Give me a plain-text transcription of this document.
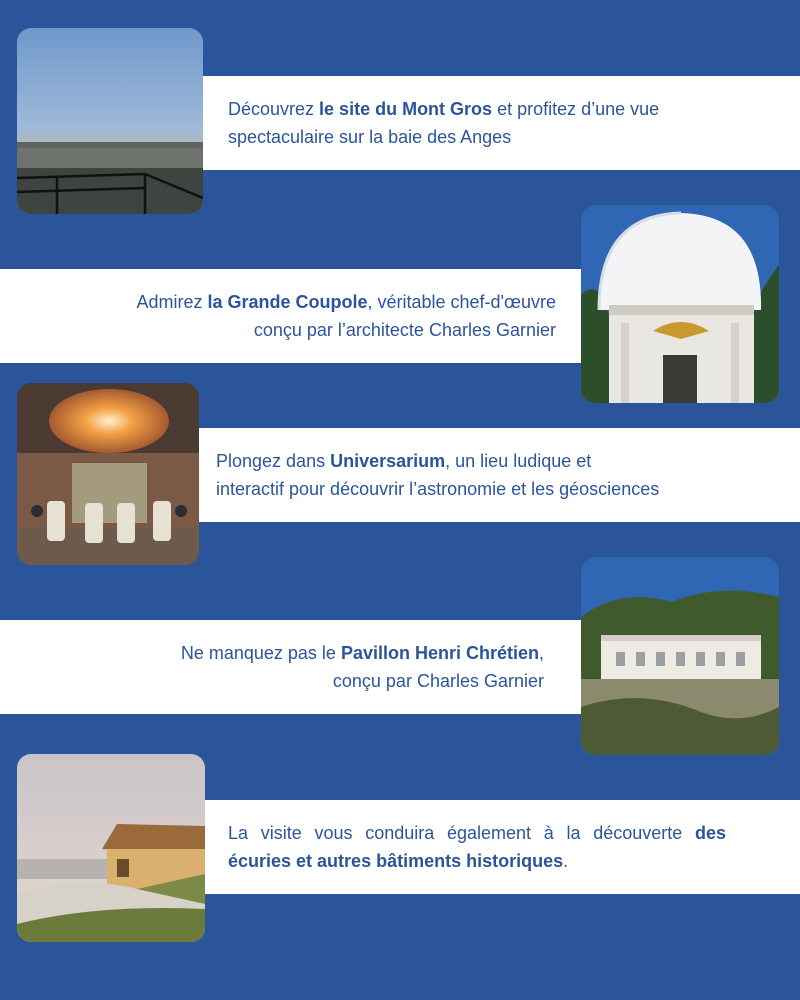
Découvrez le site du Mont Gros et profitez d’une vue
spectaculaire sur la baie des Anges
Admirez la Grande Coupole, véritable chef-d'œuvre
conçu par l’architecte Charles Garnier
Plongez dans Universarium, un lieu ludique et
interactif pour découvrir l’astronomie et les géosciences
Ne manquez pas le Pavillon Henri Chrétien,
conçu par Charles Garnier
La visite vous conduira également à la découverte des
écuries et autres bâtiments historiques.
